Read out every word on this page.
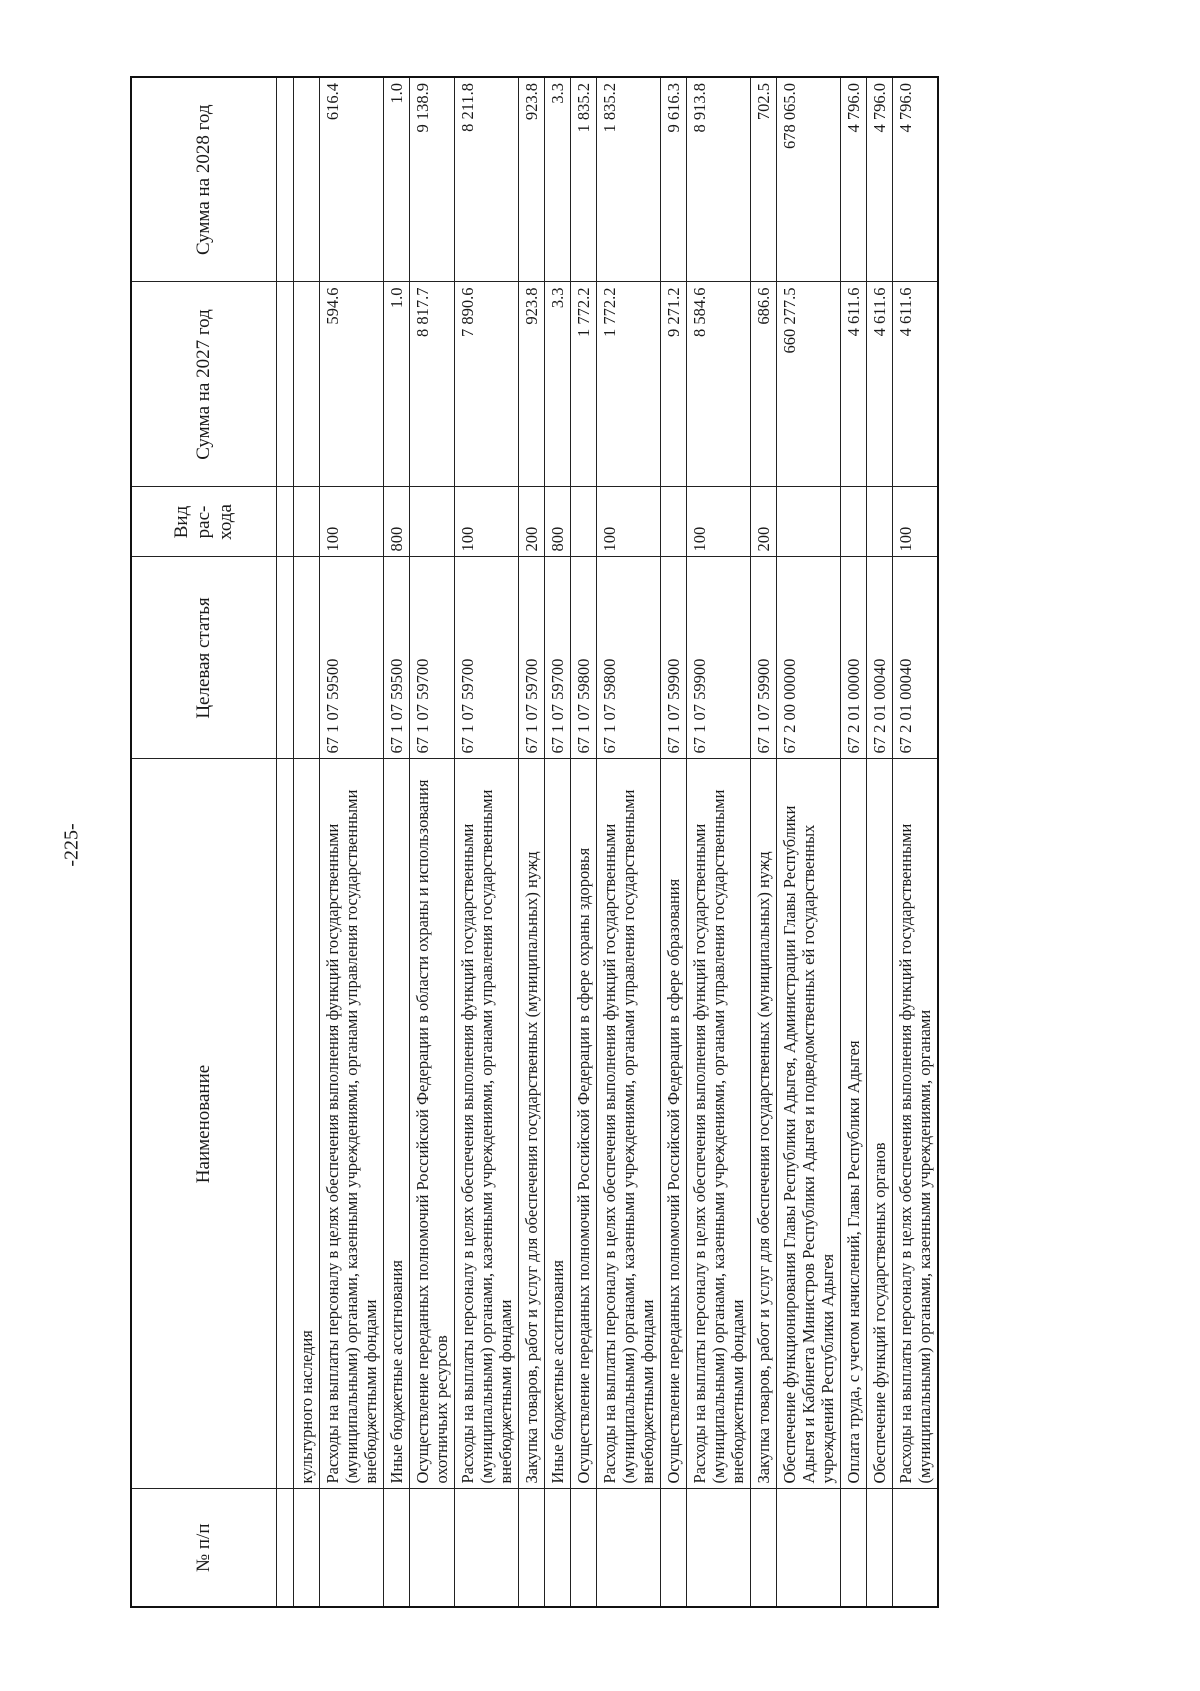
-225-
№ п/п	Наименование	Целевая статья	Вид рас- хода	Сумма на 2027 год	Сумма на 2028 год

	культурного наследия				
	Расходы на выплаты персоналу в целях обеспечения выполнения функций государственными (муниципальными) органами, казенными учреждениями, органами управления государственными внебюджетными фондами	67 1 07 59500	100	594.6	616.4
	Иные бюджетные ассигнования	67 1 07 59500	800	1.0	1.0
	Осуществление переданных полномочий Российской Федерации в области охраны и использования охотничьих ресурсов	67 1 07 59700		8 817.7	9 138.9
	Расходы на выплаты персоналу в целях обеспечения выполнения функций государственными (муниципальными) органами, казенными учреждениями, органами управления государственными внебюджетными фондами	67 1 07 59700	100	7 890.6	8 211.8
	Закупка товаров, работ и услуг для обеспечения государственных (муниципальных) нужд	67 1 07 59700	200	923.8	923.8
	Иные бюджетные ассигнования	67 1 07 59700	800	3.3	3.3
	Осуществление переданных полномочий Российской Федерации в сфере охраны здоровья	67 1 07 59800		1 772.2	1 835.2
	Расходы на выплаты персоналу в целях обеспечения выполнения функций государственными (муниципальными) органами, казенными учреждениями, органами управления государственными внебюджетными фондами	67 1 07 59800	100	1 772.2	1 835.2
	Осуществление переданных полномочий Российской Федерации в сфере образования	67 1 07 59900		9 271.2	9 616.3
	Расходы на выплаты персоналу в целях обеспечения выполнения функций государственными (муниципальными) органами, казенными учреждениями, органами управления государственными внебюджетными фондами	67 1 07 59900	100	8 584.6	8 913.8
	Закупка товаров, работ и услуг для обеспечения государственных (муниципальных) нужд	67 1 07 59900	200	686.6	702.5
	Обеспечение функционирования Главы Республики Адыгея, Администрации Главы Республики Адыгея и Кабинета Министров Республики Адыгея и подведомственных ей государственных учреждений Республики Адыгея	67 2 00 00000		660 277.5	678 065.0
	Оплата труда, с учетом начислений, Главы Республики Адыгея	67 2 01 00000		4 611.6	4 796.0
	Обеспечение функций государственных органов	67 2 01 00040		4 611.6	4 796.0
	Расходы на выплаты персоналу в целях обеспечения выполнения функций государственными (муниципальными) органами, казенными учреждениями, органами	67 2 01 00040	100	4 611.6	4 796.0
